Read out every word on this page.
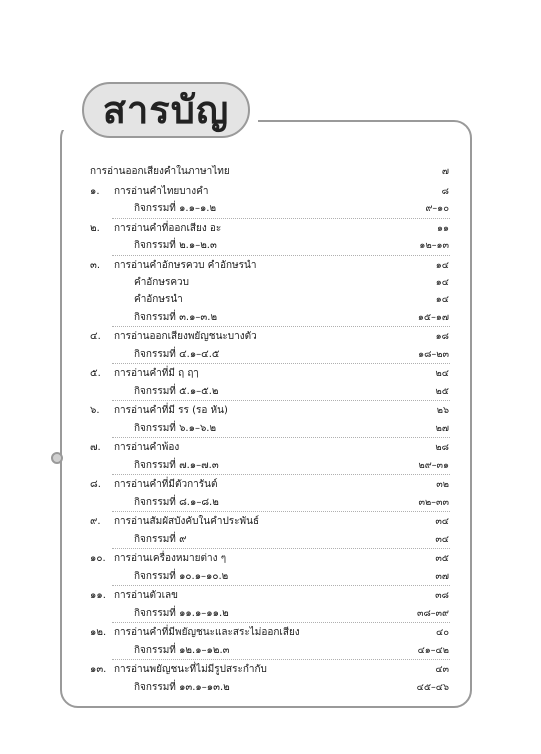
สารบัญ
การอ่านออกเสียงคำในภาษาไทย	๗
๑. การอ่านคำไทยบางคำ	๘
กิจกรรมที่ ๑.๑–๑.๒	๙–๑๐
๒. การอ่านคำที่ออกเสียง อะ	๑๑
กิจกรรมที่ ๒.๑–๒.๓	๑๒–๑๓
๓. การอ่านคำอักษรควบ คำอักษรนำ	๑๔
คำอักษรควบ	๑๔
คำอักษรนำ	๑๔
กิจกรรมที่ ๓.๑–๓.๒	๑๕–๑๗
๔. การอ่านออกเสียงพยัญชนะบางตัว	๑๘
กิจกรรมที่ ๔.๑–๔.๕	๑๘–๒๓
๕. การอ่านคำที่มี ฤ ฤๅ	๒๔
กิจกรรมที่ ๕.๑–๕.๒	๒๕
๖. การอ่านคำที่มี รร (รอ หัน)	๒๖
กิจกรรมที่ ๖.๑–๖.๒	๒๗
๗. การอ่านคำพ้อง	๒๘
กิจกรรมที่ ๗.๑–๗.๓	๒๙–๓๑
๘. การอ่านคำที่มีตัวการันต์	๓๒
กิจกรรมที่ ๘.๑–๘.๒	๓๒–๓๓
๙. การอ่านสัมผัสบังคับในคำประพันธ์	๓๔
กิจกรรมที่ ๙	๓๔
๑๐. การอ่านเครื่องหมายต่าง ๆ	๓๕
กิจกรรมที่ ๑๐.๑–๑๐.๒	๓๗
๑๑. การอ่านตัวเลข	๓๘
กิจกรรมที่ ๑๑.๑–๑๑.๒	๓๘–๓๙
๑๒. การอ่านคำที่มีพยัญชนะและสระไม่ออกเสียง	๔๐
กิจกรรมที่ ๑๒.๑–๑๒.๓	๔๑–๔๒
๑๓. การอ่านพยัญชนะที่ไม่มีรูปสระกำกับ	๔๓
กิจกรรมที่ ๑๓.๑–๑๓.๒	๔๕–๔๖
